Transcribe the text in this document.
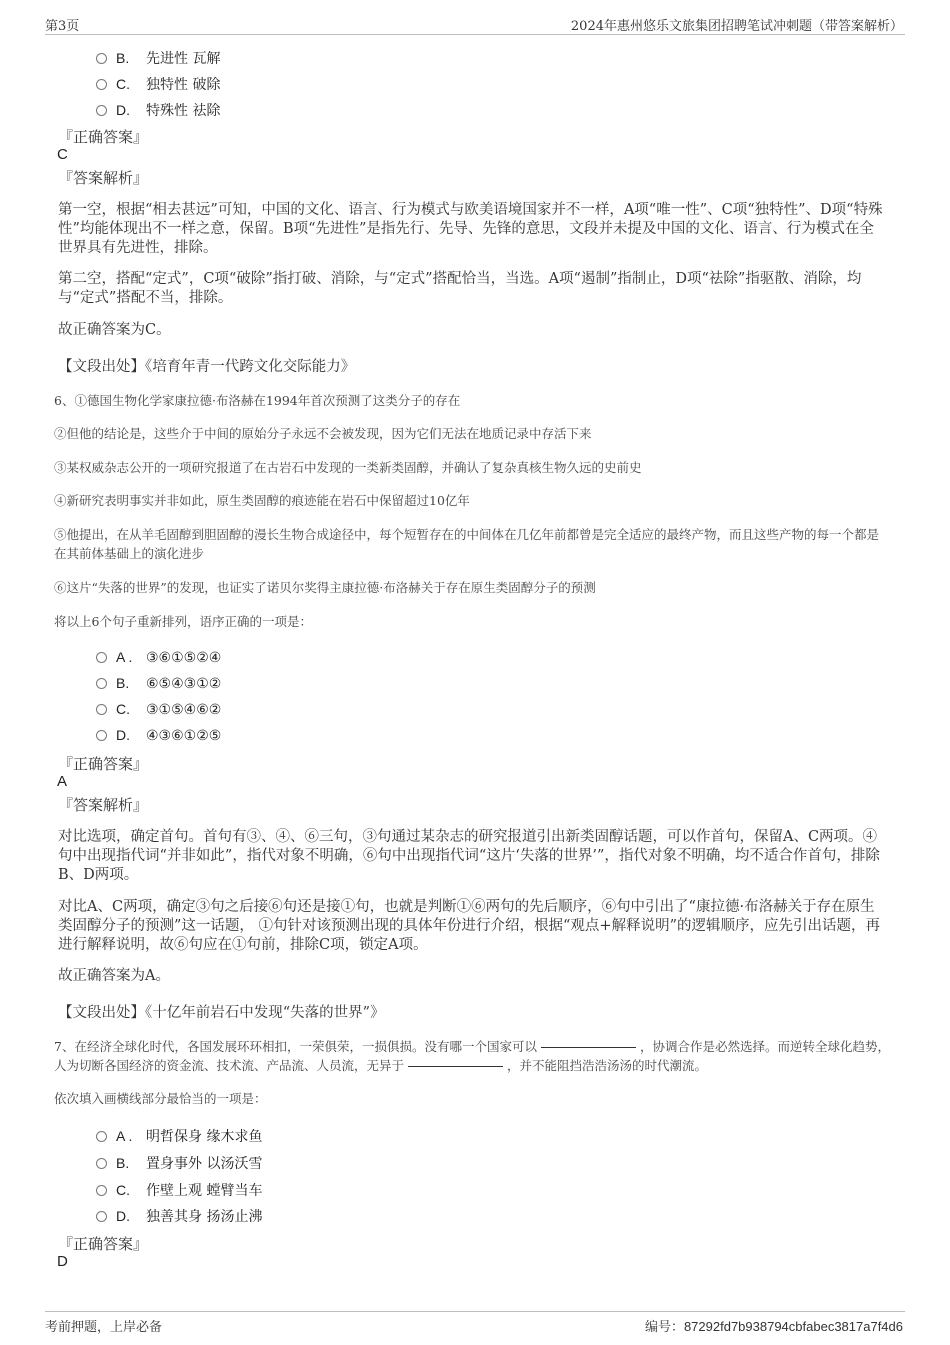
第3页	2024年惠州悠乐文旅集团招聘笔试冲刺题（带答案解析）
B. 先进性 瓦解
C. 独特性 破除
D. 特殊性 祛除
『正确答案』
C
『答案解析』
第一空，根据“相去甚远”可知，中国的文化、语言、行为模式与欧美语境国家并不一样，A项“唯一性”、C项“独特性”、D项“特殊性”均能体现出不一样之意，保留。B项“先进性”是指先行、先导、先锋的意思，文段并未提及中国的文化、语言、行为模式在全世界具有先进性，排除。
第二空，搭配“定式”，C项“破除”指打破、消除，与“定式”搭配恰当，当选。A项“遏制”指制止，D项“祛除”指驱散、消除，均与“定式”搭配不当，排除。
故正确答案为C。
【文段出处】《培育年青一代跨文化交际能力》
6、①德国生物化学家康拉德·布洛赫在1994年首次预测了这类分子的存在
②但他的结论是，这些介于中间的原始分子永远不会被发现，因为它们无法在地质记录中存活下来
③某权威杂志公开的一项研究报道了在古岩石中发现的一类新类固醇，并确认了复杂真核生物久远的史前史
④新研究表明事实并非如此，原生类固醇的痕迹能在岩石中保留超过10亿年
⑤他提出，在从羊毛固醇到胆固醇的漫长生物合成途径中，每个短暂存在的中间体在几亿年前都曾是完全适应的最终产物，而且这些产物的每一个都是在其前体基础上的演化进步
⑥这片“失落的世界”的发现，也证实了诺贝尔奖得主康拉德·布洛赫关于存在原生类固醇分子的预测
将以上6个句子重新排列，语序正确的一项是：
A . ③⑥①⑤②④
B. ⑥⑤④③①②
C. ③①⑤④⑥②
D. ④③⑥①②⑤
『正确答案』
A
『答案解析』
对比选项，确定首句。首句有③、④、⑥三句，③句通过某杂志的研究报道引出新类固醇话题，可以作首句，保留A、C两项。④句中出现指代词“并非如此”，指代对象不明确，⑥句中出现指代词“这片‘失落的世界’”，指代对象不明确，均不适合作首句，排除B、D两项。
对比A、C两项，确定③句之后接⑥句还是接①句，也就是判断①⑥两句的先后顺序，⑥句中引出了“康拉德·布洛赫关于存在原生类固醇分子的预测”这一话题， ①句针对该预测出现的具体年份进行介绍，根据“观点+解释说明”的逻辑顺序，应先引出话题，再进行解释说明，故⑥句应在①句前，排除C项，锁定A项。
故正确答案为A。
【文段出处】《十亿年前岩石中发现“失落的世界”》
7、在经济全球化时代，各国发展环环相扣，一荣俱荣，一损俱损。没有哪一个国家可以	，协调合作是必然选择。而逆转全球化趋势，人为切断各国经济的资金流、技术流、产品流、人员流，无异于	，并不能阻挡浩浩汤汤的时代潮流。
依次填入画横线部分最恰当的一项是：
A . 明哲保身 缘木求鱼
B. 置身事外 以汤沃雪
C. 作壁上观 螳臂当车
D. 独善其身 扬汤止沸
『正确答案』
D
考前押题，上岸必备	编号：87292fd7b938794cbfabec3817a7f4d6
